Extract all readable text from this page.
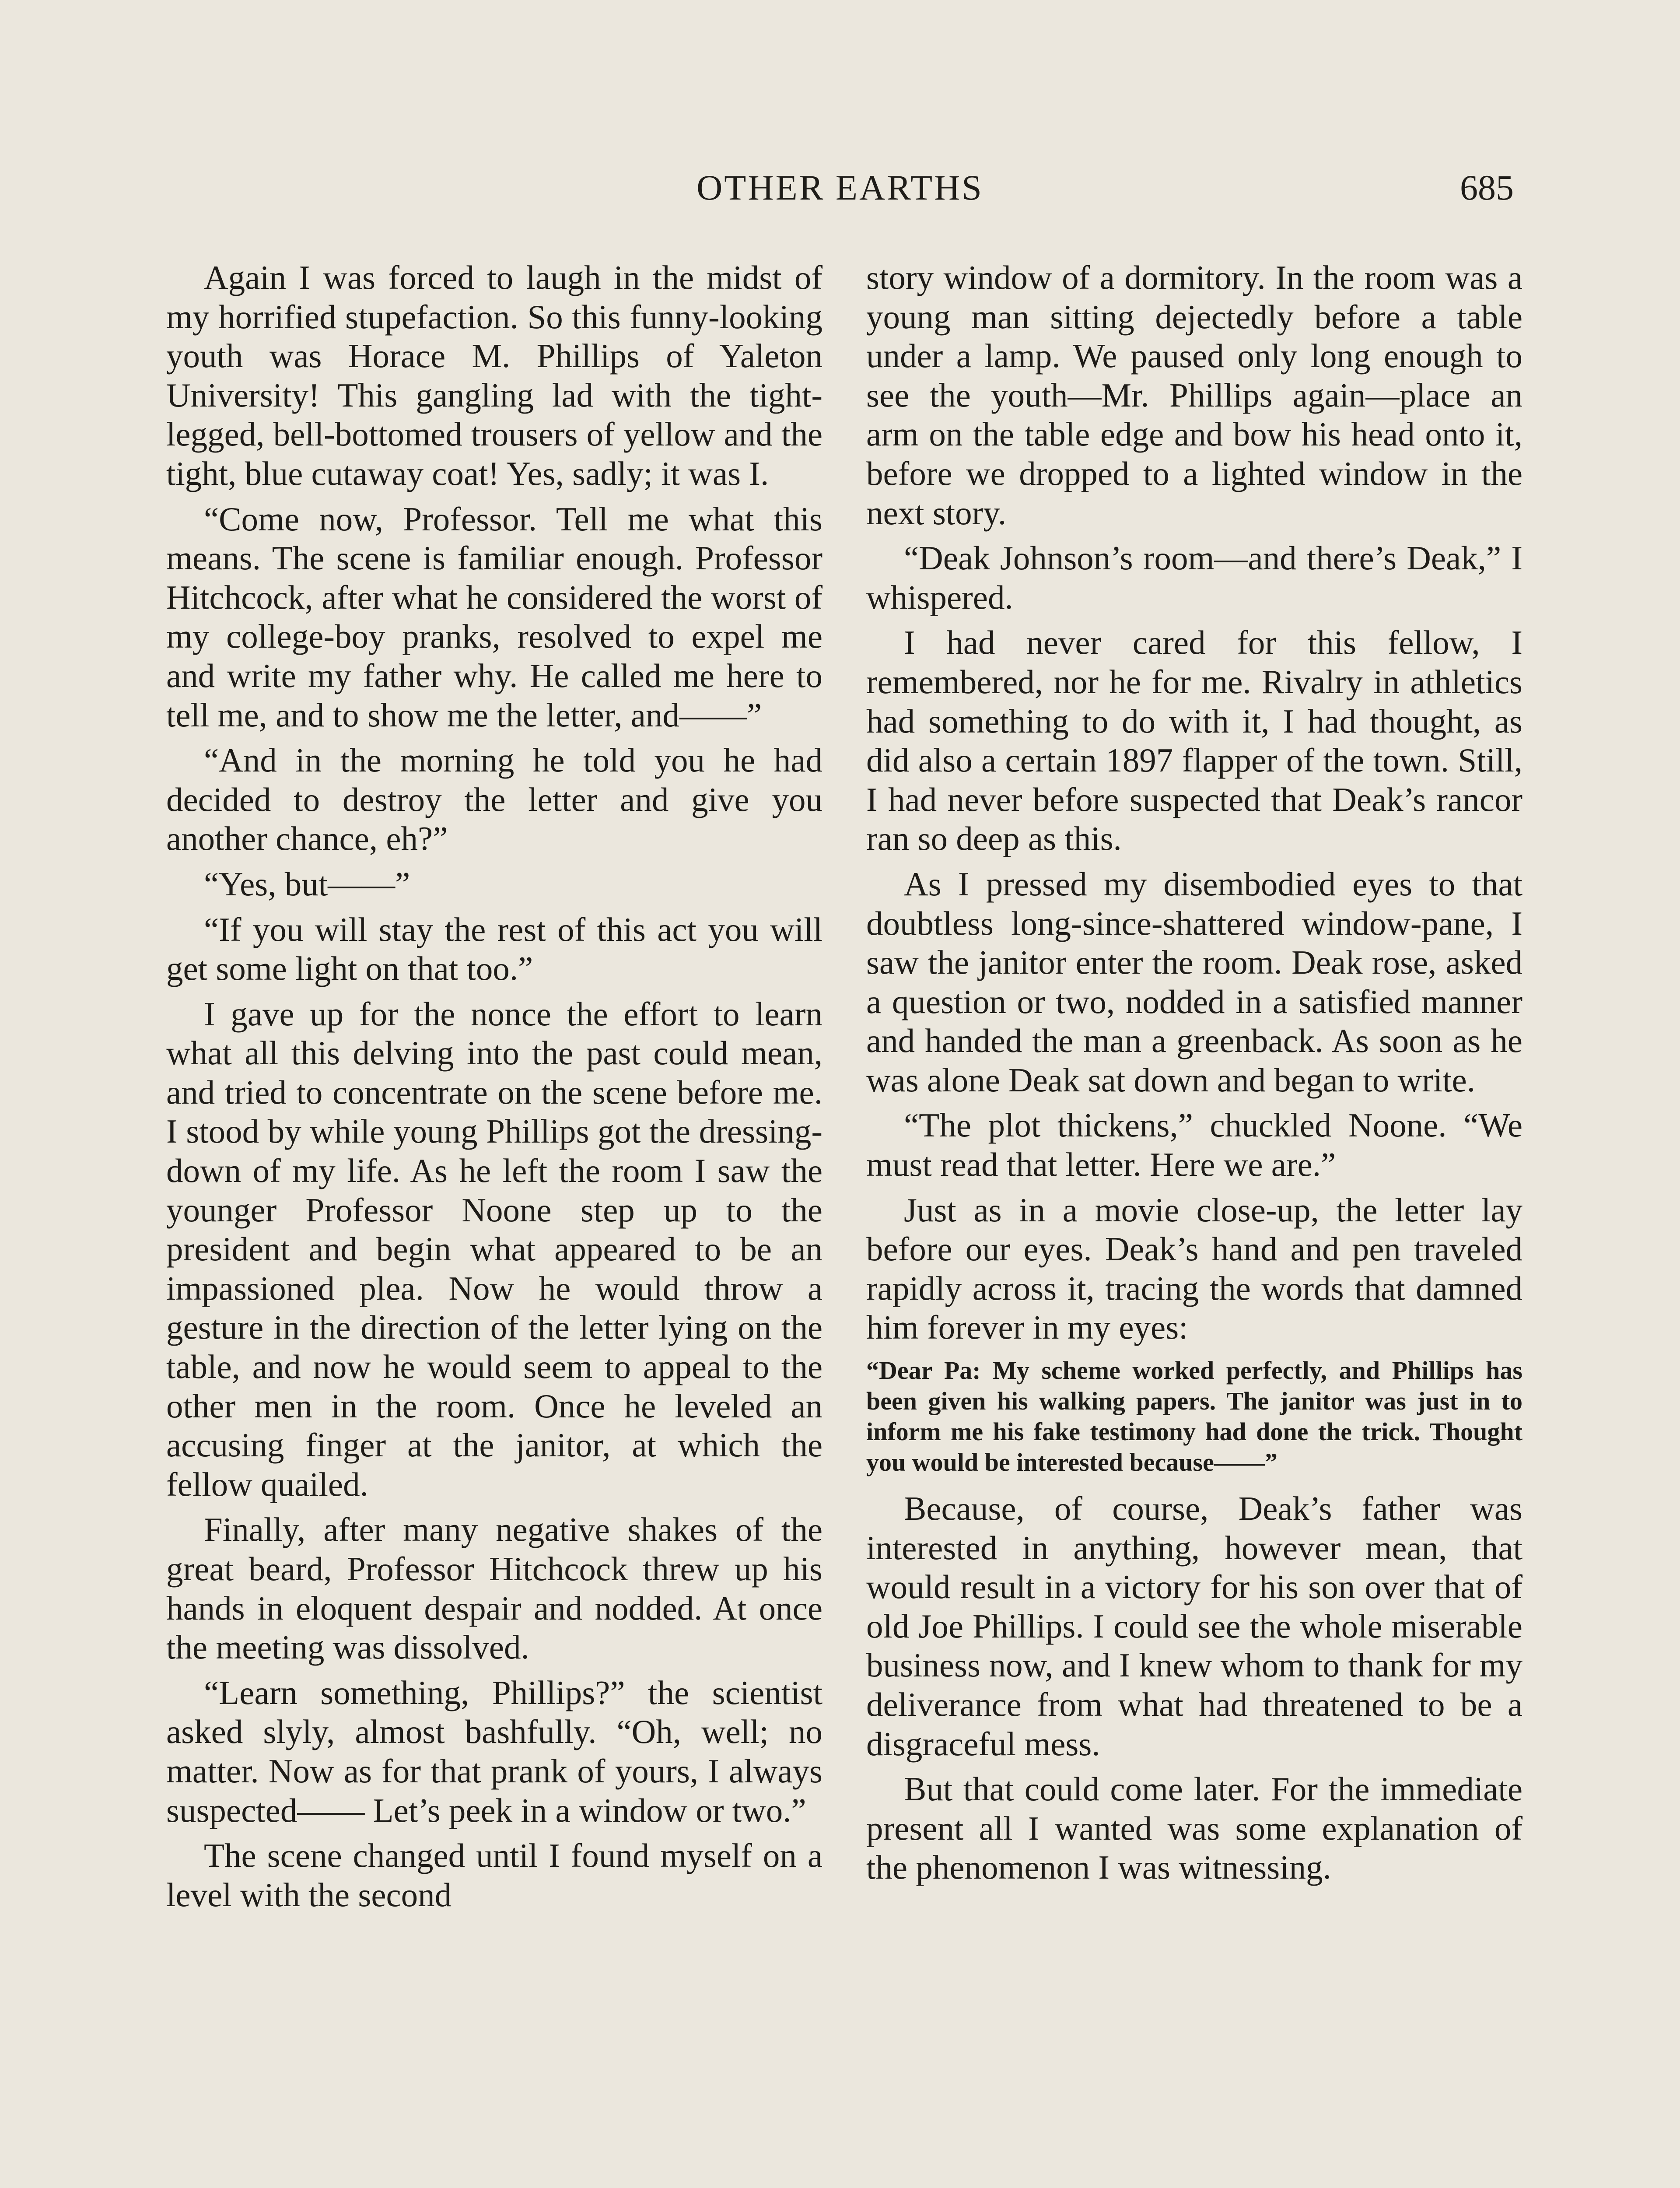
OTHER EARTHS	685

Again I was forced to laugh in the midst of my horrified stupefaction. So this funny-looking youth was Horace M. Phillips of Yaleton University! This gangling lad with the tight-legged, bell-bottomed trousers of yellow and the tight, blue cutaway coat! Yes, sadly; it was I.

“Come now, Professor. Tell me what this means. The scene is familiar enough. Professor Hitchcock, after what he considered the worst of my college-boy pranks, resolved to expel me and write my father why. He called me here to tell me, and to show me the letter, and——”

“And in the morning he told you he had decided to destroy the letter and give you another chance, eh?”

“Yes, but——”

“If you will stay the rest of this act you will get some light on that too.”

I gave up for the nonce the effort to learn what all this delving into the past could mean, and tried to concentrate on the scene before me. I stood by while young Phillips got the dressing-down of my life. As he left the room I saw the younger Professor Noone step up to the president and begin what appeared to be an impassioned plea. Now he would throw a gesture in the direction of the letter lying on the table, and now he would seem to appeal to the other men in the room. Once he leveled an accusing finger at the janitor, at which the fellow quailed.

Finally, after many negative shakes of the great beard, Professor Hitchcock threw up his hands in eloquent despair and nodded. At once the meeting was dissolved.

“Learn something, Phillips?” the scientist asked slyly, almost bashfully. “Oh, well; no matter. Now as for that prank of yours, I always suspected—— Let’s peek in a window or two.”

The scene changed until I found myself on a level with the second

story window of a dormitory. In the room was a young man sitting dejectedly before a table under a lamp. We paused only long enough to see the youth—Mr. Phillips again—place an arm on the table edge and bow his head onto it, before we dropped to a lighted window in the next story.

“Deak Johnson’s room—and there’s Deak,” I whispered.

I had never cared for this fellow, I remembered, nor he for me. Rivalry in athletics had something to do with it, I had thought, as did also a certain 1897 flapper of the town. Still, I had never before suspected that Deak’s rancor ran so deep as this.

As I pressed my disembodied eyes to that doubtless long-since-shattered window-pane, I saw the janitor enter the room. Deak rose, asked a question or two, nodded in a satisfied manner and handed the man a greenback. As soon as he was alone Deak sat down and began to write.

“The plot thickens,” chuckled Noone. “We must read that letter. Here we are.”

Just as in a movie close-up, the letter lay before our eyes. Deak’s hand and pen traveled rapidly across it, tracing the words that damned him forever in my eyes:

“Dear Pa: My scheme worked perfectly, and Phillips has been given his walking papers. The janitor was just in to inform me his fake testimony had done the trick. Thought you would be interested because——”

Because, of course, Deak’s father was interested in anything, however mean, that would result in a victory for his son over that of old Joe Phillips. I could see the whole miserable business now, and I knew whom to thank for my deliverance from what had threatened to be a disgraceful mess.

But that could come later. For the immediate present all I wanted was some explanation of the phenomenon I was witnessing.
